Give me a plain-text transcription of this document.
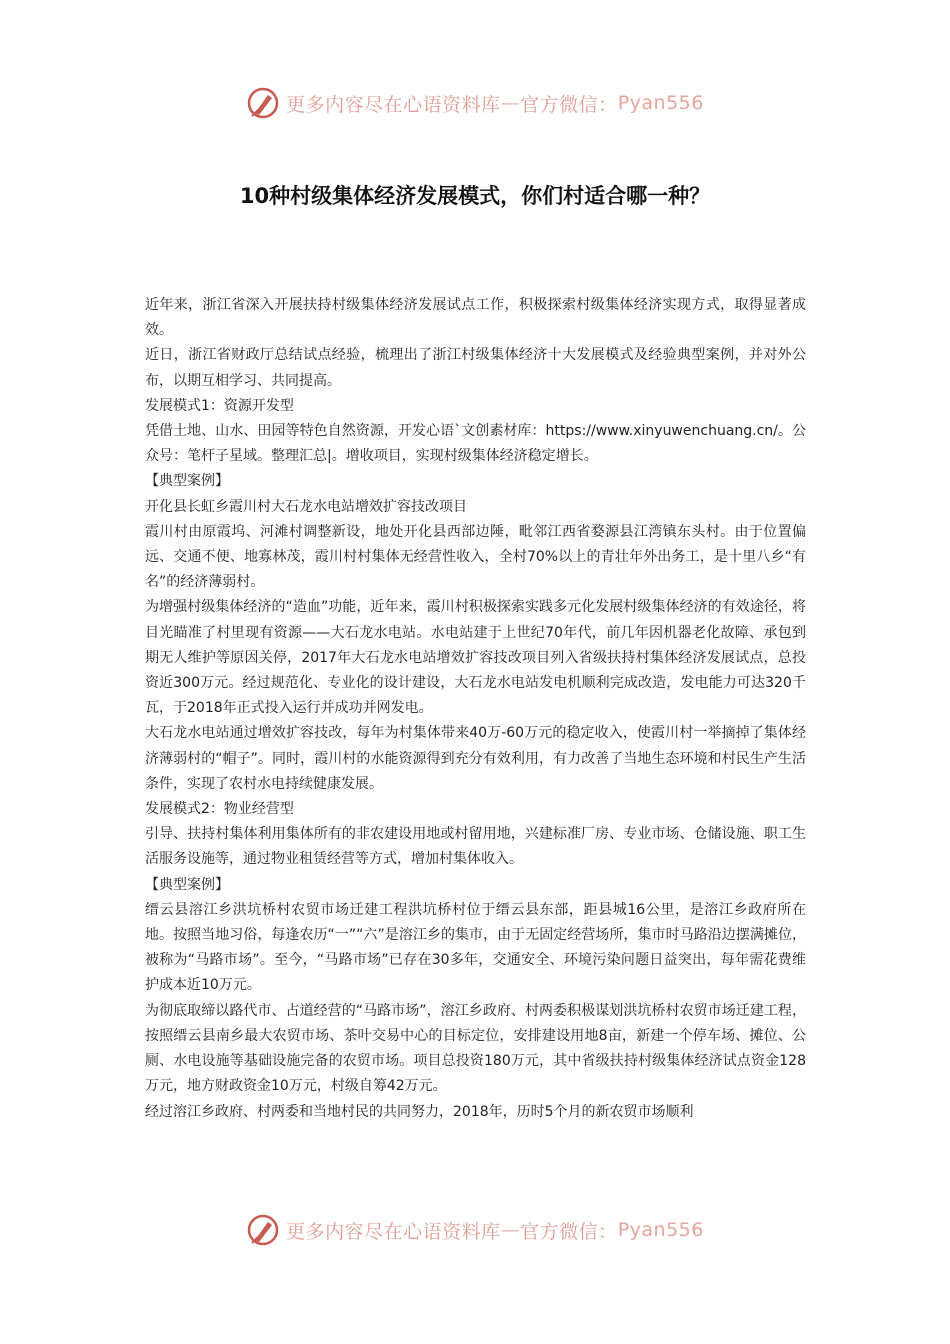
更多内容尽在心语资料库 — 官方微信： Pyan556
10种村级集体经济发展模式，你们村适合哪一种？

近年来，浙江省深入开展扶持村级集体经济发展试点工作，积极探索村级集体经济实现方式，取得显著成效。

近日，浙江省财政厅总结试点经验，梳理出了浙江村级集体经济十大发展模式及经验典型案例，并对外公布，以期互相学习、共同提高。

发展模式1：资源开发型

凭借土地、山水、田园等特色自然资源，开发心语`文创素材库：https://www.xinyuwenchuang.cn/。公众号：笔杆子星域。整理汇总|。增收项目，实现村级集体经济稳定增长。

【典型案例】

开化县长虹乡霞川村大石龙水电站增效扩容技改项目

霞川村由原霞坞、河滩村调整新设，地处开化县西部边陲，毗邻江西省婺源县江湾镇东头村。由于位置偏远、交通不便、地寡林茂，霞川村村集体无经营性收入，全村70%以上的青壮年外出务工，是十里八乡“有名”的经济薄弱村。

为增强村级集体经济的“造血”功能，近年来，霞川村积极探索实践多元化发展村级集体经济的有效途径，将目光瞄准了村里现有资源——大石龙水电站。水电站建于上世纪70年代，前几年因机器老化故障、承包到期无人维护等原因关停，2017年大石龙水电站增效扩容技改项目列入省级扶持村集体经济发展试点，总投资近300万元。经过规范化、专业化的设计建设，大石龙水电站发电机顺利完成改造，发电能力可达320千瓦，于2018年正式投入运行并成功并网发电。

大石龙水电站通过增效扩容技改，每年为村集体带来40万-60万元的稳定收入，使霞川村一举摘掉了集体经济薄弱村的“帽子”。同时，霞川村的水能资源得到充分有效利用，有力改善了当地生态环境和村民生产生活条件，实现了农村水电持续健康发展。

发展模式2：物业经营型

引导、扶持村集体利用集体所有的非农建设用地或村留用地，兴建标准厂房、专业市场、仓储设施、职工生活服务设施等，通过物业租赁经营等方式，增加村集体收入。

【典型案例】

缙云县溶江乡洪坑桥村农贸市场迁建工程洪坑桥村位于缙云县东部，距县城16公里，是溶江乡政府所在地。按照当地习俗，每逢农历“一”“六”是溶江乡的集市，由于无固定经营场所，集市时马路沿边摆满摊位，被称为“马路市场”。至今，“马路市场”已存在30多年，交通安全、环境污染问题日益突出，每年需花费维护成本近10万元。

为彻底取缔以路代市、占道经营的“马路市场”，溶江乡政府、村两委积极谋划洪坑桥村农贸市场迁建工程，按照缙云县南乡最大农贸市场、茶叶交易中心的目标定位，安排建设用地8亩，新建一个停车场、摊位、公厕、水电设施等基础设施完备的农贸市场。项目总投资180万元，其中省级扶持村级集体经济试点资金128万元，地方财政资金10万元，村级自筹42万元。

经过溶江乡政府、村两委和当地村民的共同努力，2018年，历时5个月的新农贸市场顺利

更多内容尽在心语资料库 — 官方微信： Pyan556
